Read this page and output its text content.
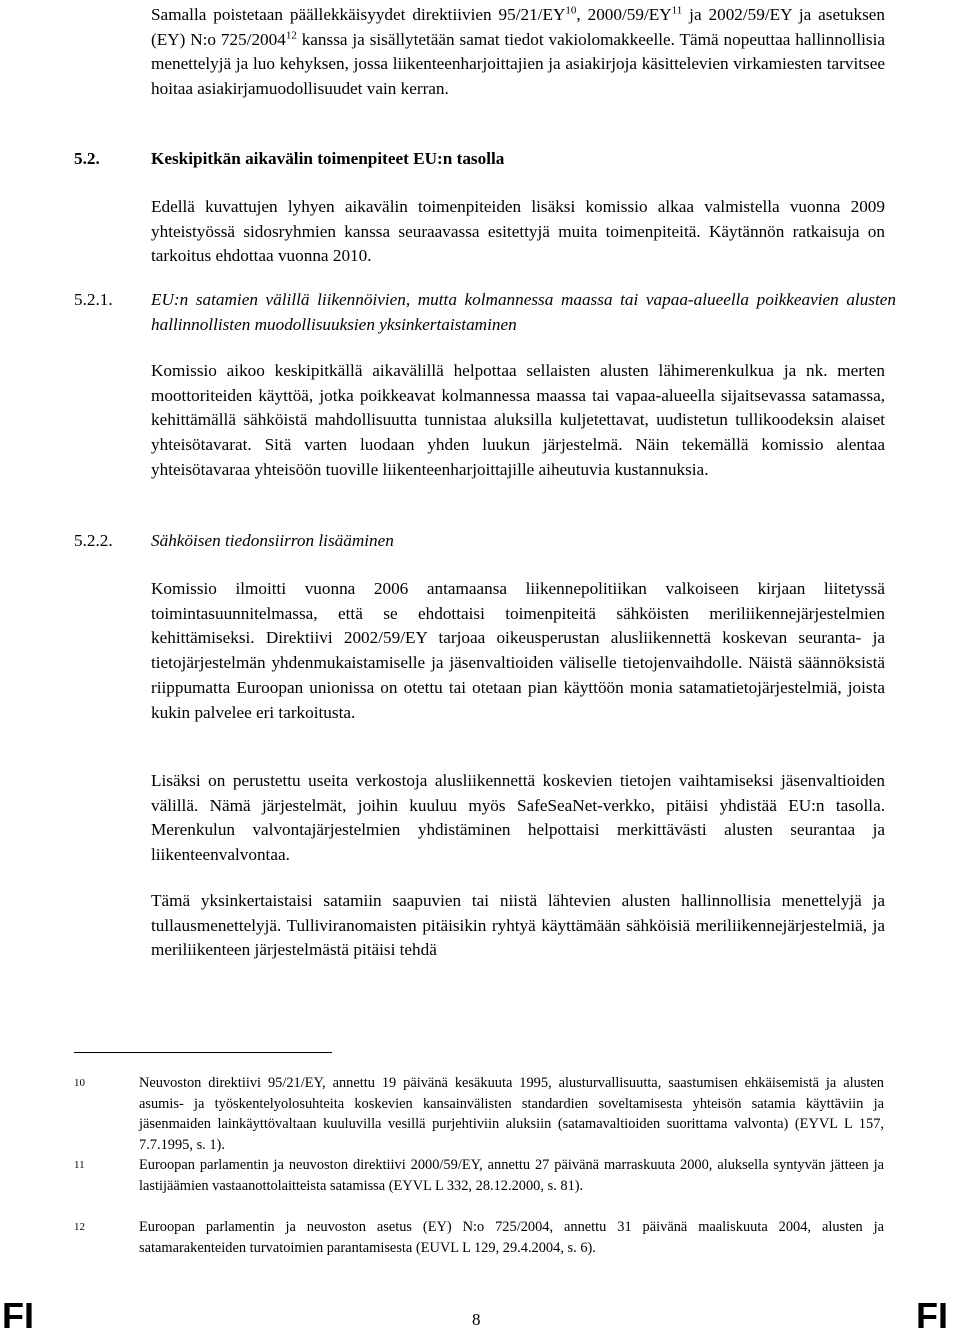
Samalla poistetaan päällekkäisyydet direktiivien 95/21/EY$^{10}$, 2000/59/EY$^{11}$ ja 2002/59/EY ja asetuksen (EY) N:o 725/2004$^{12}$ kanssa ja sisällytetään samat tiedot vakiolomakkeelle. Tämä nopeuttaa hallinnollisia menettelyjä ja luo kehyksen, jossa liikenteenharjoittajien ja asiakirjoja käsittelevien virkamiesten tarvitsee hoitaa asiakirjamuodollisuudet vain kerran.
5.2.	Keskipitkän aikavälin toimenpiteet EU:n tasolla
Edellä kuvattujen lyhyen aikavälin toimenpiteiden lisäksi komissio alkaa valmistella vuonna 2009 yhteistyössä sidosryhmien kanssa seuraavassa esitettyjä muita toimenpiteitä. Käytännön ratkaisuja on tarkoitus ehdottaa vuonna 2010.
5.2.1. EU:n satamien välillä liikennöivien, mutta kolmannessa maassa tai vapaa-alueella poikkeavien alusten hallinnollisten muodollisuuksien yksinkertaistaminen
Komissio aikoo keskipitkällä aikavälillä helpottaa sellaisten alusten lähimerenkulkua ja nk. merten moottoriteiden käyttöä, jotka poikkeavat kolmannessa maassa tai vapaa-alueella sijaitsevassa satamassa, kehittämällä sähköistä mahdollisuutta tunnistaa aluksilla kuljetettavat, uudistetun tullikoodeksin alaiset yhteisötavarat. Sitä varten luodaan yhden luukun järjestelmä. Näin tekemällä komissio alentaa yhteisötavaraa yhteisöön tuoville liikenteenharjoittajille aiheutuvia kustannuksia.
5.2.2. Sähköisen tiedonsiirron lisääminen
Komissio ilmoitti vuonna 2006 antamaansa liikennepolitiikan valkoiseen kirjaan liitetyssä toimintasuunnitelmassa, että se ehdottaisi toimenpiteitä sähköisten meriliikennejärjestelmien kehittämiseksi. Direktiivi 2002/59/EY tarjoaa oikeusperustan alusliikennettä koskevan seuranta- ja tietojärjestelmän yhdenmukaistamiselle ja jäsenvaltioiden väliselle tietojenvaihdolle. Näistä säännöksistä riippumatta Euroopan unionissa on otettu tai otetaan pian käyttöön monia satamatietojärjestelmiä, joista kukin palvelee eri tarkoitusta.
Lisäksi on perustettu useita verkostoja alusliikennettä koskevien tietojen vaihtamiseksi jäsenvaltioiden välillä. Nämä järjestelmät, joihin kuuluu myös SafeSeaNet-verkko, pitäisi yhdistää EU:n tasolla. Merenkulun valvontajärjestelmien yhdistäminen helpottaisi merkittävästi alusten seurantaa ja liikenteenvalvontaa.
Tämä yksinkertaistaisi satamiin saapuvien tai niistä lähtevien alusten hallinnollisia menettelyjä ja tullausmenettelyjä. Tulliviranomaisten pitäisikin ryhtyä käyttämään sähköisiä meriliikennejärjestelmiä, ja meriliikenteen järjestelmästä pitäisi tehdä
10	Neuvoston direktiivi 95/21/EY, annettu 19 päivänä kesäkuuta 1995, alusturvallisuutta, saastumisen ehkäisemistä ja alusten asumis- ja työskentelyolosuhteita koskevien kansainvälisten standardien soveltamisesta yhteisön satamia käyttäviin ja jäsenmaiden lainkäyttövaltaan kuuluvilla vesillä purjehtiviin aluksiin (satamavaltioiden suorittama valvonta) (EYVL L 157, 7.7.1995, s. 1).
11	Euroopan parlamentin ja neuvoston direktiivi 2000/59/EY, annettu 27 päivänä marraskuuta 2000, aluksella syntyvän jätteen ja lastijäämien vastaanottolaitteista satamissa (EYVL L 332, 28.12.2000, s. 81).
12	Euroopan parlamentin ja neuvoston asetus (EY) N:o 725/2004, annettu 31 päivänä maaliskuuta 2004, alusten ja satamarakenteiden turvatoimien parantamisesta (EUVL L 129, 29.4.2004, s. 6).
FI	8	FI
